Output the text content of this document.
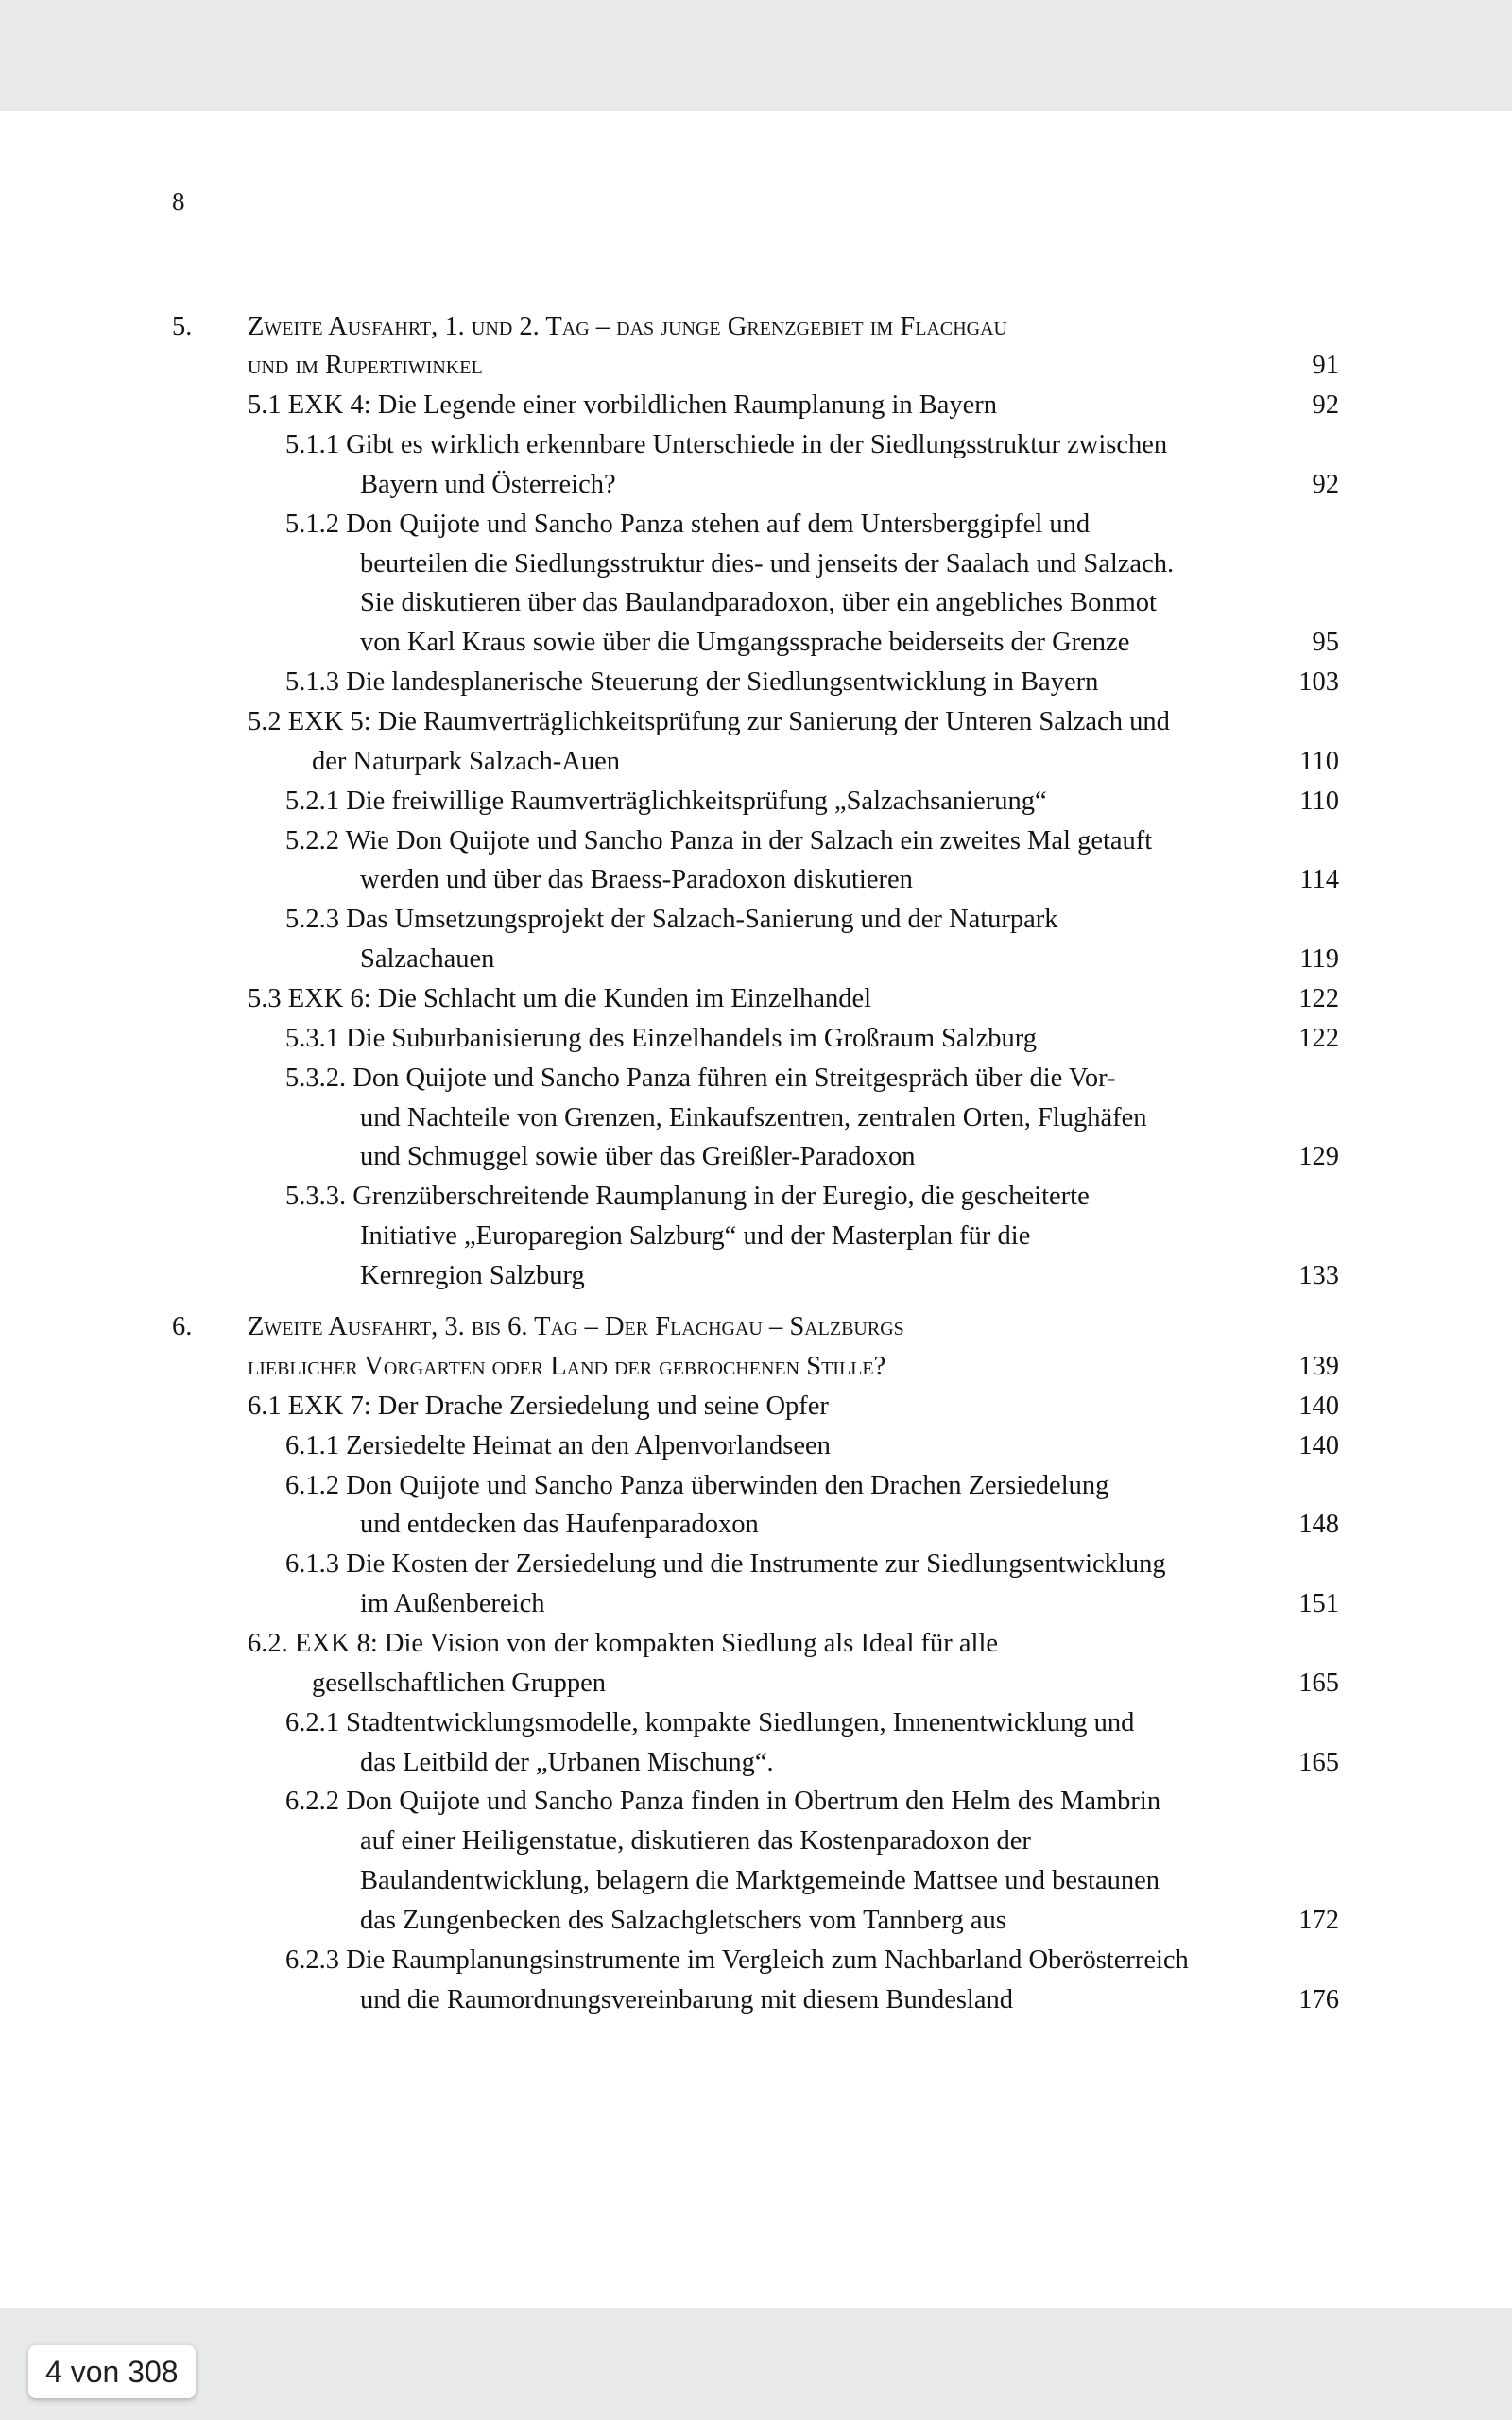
8
5. Zweite Ausfahrt, 1. und 2. Tag – das junge Grenzgebiet im Flachgau
und im Rupertiwinkel	91
5.1 EXK 4: Die Legende einer vorbildlichen Raumplanung in Bayern	92
5.1.1 Gibt es wirklich erkennbare Unterschiede in der Siedlungsstruktur zwischen
Bayern und Österreich?	92
5.1.2 Don Quijote und Sancho Panza stehen auf dem Untersberggipfel und
beurteilen die Siedlungsstruktur dies- und jenseits der Saalach und Salzach.
Sie diskutieren über das Baulandparadoxon, über ein angebliches Bonmot
von Karl Kraus sowie über die Umgangssprache beiderseits der Grenze	95
5.1.3 Die landesplanerische Steuerung der Siedlungsentwicklung in Bayern	103
5.2 EXK 5: Die Raumverträglichkeitsprüfung zur Sanierung der Unteren Salzach und
der Naturpark Salzach-Auen	110
5.2.1 Die freiwillige Raumverträglichkeitsprüfung „Salzachsanierung“	110
5.2.2 Wie Don Quijote und Sancho Panza in der Salzach ein zweites Mal getauft
werden und über das Braess-Paradoxon diskutieren	114
5.2.3 Das Umsetzungsprojekt der Salzach-Sanierung und der Naturpark
Salzachauen	119
5.3 EXK 6: Die Schlacht um die Kunden im Einzelhandel	122
5.3.1 Die Suburbanisierung des Einzelhandels im Großraum Salzburg	122
5.3.2. Don Quijote und Sancho Panza führen ein Streitgespräch über die Vor-
und Nachteile von Grenzen, Einkaufszentren, zentralen Orten, Flughäfen
und Schmuggel sowie über das Greißler-Paradoxon	129
5.3.3. Grenzüberschreitende Raumplanung in der Euregio, die gescheiterte
Initiative „Europaregion Salzburg“ und der Masterplan für die
Kernregion Salzburg	133
6. Zweite Ausfahrt, 3. bis 6. Tag – Der Flachgau – Salzburgs
lieblicher Vorgarten oder Land der gebrochenen Stille?	139
6.1 EXK 7: Der Drache Zersiedelung und seine Opfer	140
6.1.1 Zersiedelte Heimat an den Alpenvorlandseen	140
6.1.2 Don Quijote und Sancho Panza überwinden den Drachen Zersiedelung
und entdecken das Haufenparadoxon	148
6.1.3 Die Kosten der Zersiedelung und die Instrumente zur Siedlungsentwicklung
im Außenbereich	151
6.2. EXK 8: Die Vision von der kompakten Siedlung als Ideal für alle
gesellschaftlichen Gruppen	165
6.2.1 Stadtentwicklungsmodelle, kompakte Siedlungen, Innenentwicklung und
das Leitbild der „Urbanen Mischung“.	165
6.2.2 Don Quijote und Sancho Panza finden in Obertrum den Helm des Mambrin
auf einer Heiligenstatue, diskutieren das Kostenparadoxon der
Baulandentwicklung, belagern die Marktgemeinde Mattsee und bestaunen
das Zungenbecken des Salzachgletschers vom Tannberg aus	172
6.2.3 Die Raumplanungsinstrumente im Vergleich zum Nachbarland Oberösterreich
und die Raumordnungsvereinbarung mit diesem Bundesland	176
4 von 308
